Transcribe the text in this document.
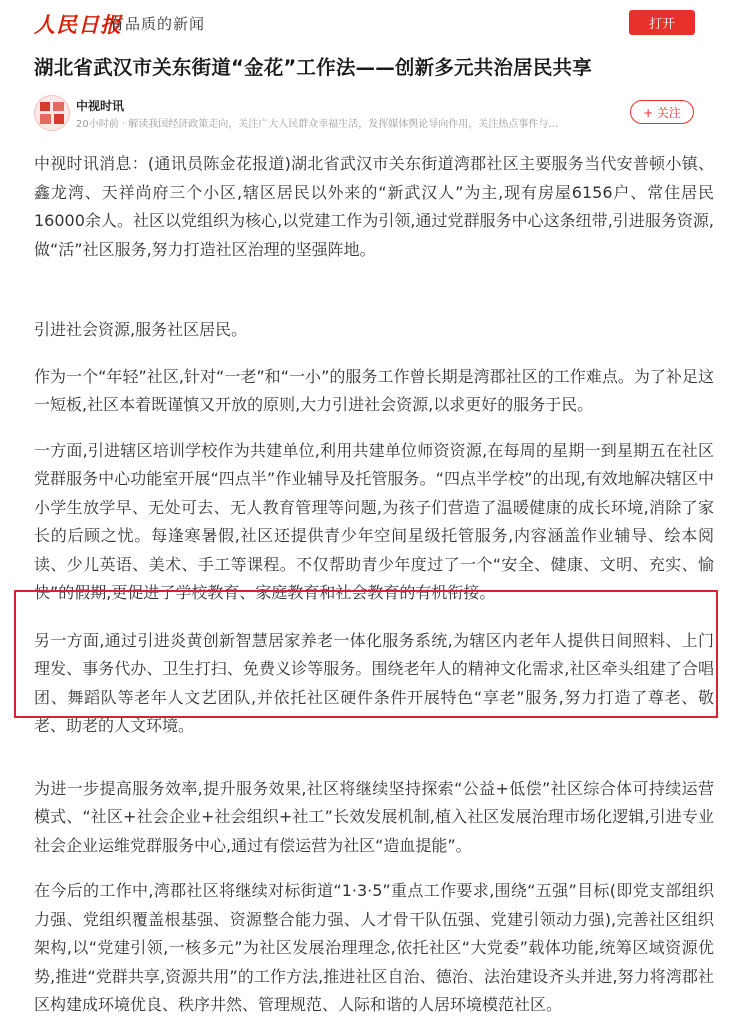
人民日报
有品质的新闻	打开
湖北省武汉市关东街道“金花”工作法——创新多元共治居民共享
中视时讯
20小时前 · 解读我国经济政策走向，关注广大人民群众幸福生活，发挥媒体舆论导向作用，关注热点事件与…
+ 关注

中视时讯消息：(通讯员陈金花报道)湖北省武汉市关东街道湾郡社区主要服务当代安普顿小镇、鑫龙湾、天祥尚府三个小区,辖区居民以外来的“新武汉人”为主,现有房屋6156户、常住居民16000余人。社区以党组织为核心,以党建工作为引领,通过党群服务中心这条纽带,引进服务资源,做“活”社区服务,努力打造社区治理的坚强阵地。

引进社会资源,服务社区居民。

作为一个“年轻”社区,针对“一老”和“一小”的服务工作曾长期是湾郡社区的工作难点。为了补足这一短板,社区本着既谨慎又开放的原则,大力引进社会资源,以求更好的服务于民。

一方面,引进辖区培训学校作为共建单位,利用共建单位师资资源,在每周的星期一到星期五在社区党群服务中心功能室开展“四点半”作业辅导及托管服务。“四点半学校”的出现,有效地解决辖区中小学生放学早、无处可去、无人教育管理等问题,为孩子们营造了温暖健康的成长环境,消除了家长的后顾之忧。每逢寒暑假,社区还提供青少年空间星级托管服务,内容涵盖作业辅导、绘本阅读、少儿英语、美术、手工等课程。不仅帮助青少年度过了一个“安全、健康、文明、充实、愉快”的假期,更促进了学校教育、家庭教育和社会教育的有机衔接。

另一方面,通过引进炎黄创新智慧居家养老一体化服务系统,为辖区内老年人提供日间照料、上门理发、事务代办、卫生打扫、免费义诊等服务。围绕老年人的精神文化需求,社区牵头组建了合唱团、舞蹈队等老年人文艺团队,并依托社区硬件条件开展特色“享老”服务,努力打造了尊老、敬老、助老的人文环境。

为进一步提高服务效率,提升服务效果,社区将继续坚持探索“公益+低偿”社区综合体可持续运营模式、“社区+社会企业+社会组织+社工”长效发展机制,植入社区发展治理市场化逻辑,引进专业社会企业运维党群服务中心,通过有偿运营为社区“造血提能”。

在今后的工作中,湾郡社区将继续对标街道“1·3·5”重点工作要求,围绕“五强”目标(即党支部组织力强、党组织覆盖根基强、资源整合能力强、人才骨干队伍强、党建引领动力强),完善社区组织架构,以“党建引领,一核多元”为社区发展治理理念,依托社区“大党委”载体功能,统筹区域资源优势,推进“党群共享,资源共用”的工作方法,推进社区自治、德治、法治建设齐头并进,努力将湾郡社区构建成环境优良、秩序井然、管理规范、人际和谐的人居环境模范社区。
